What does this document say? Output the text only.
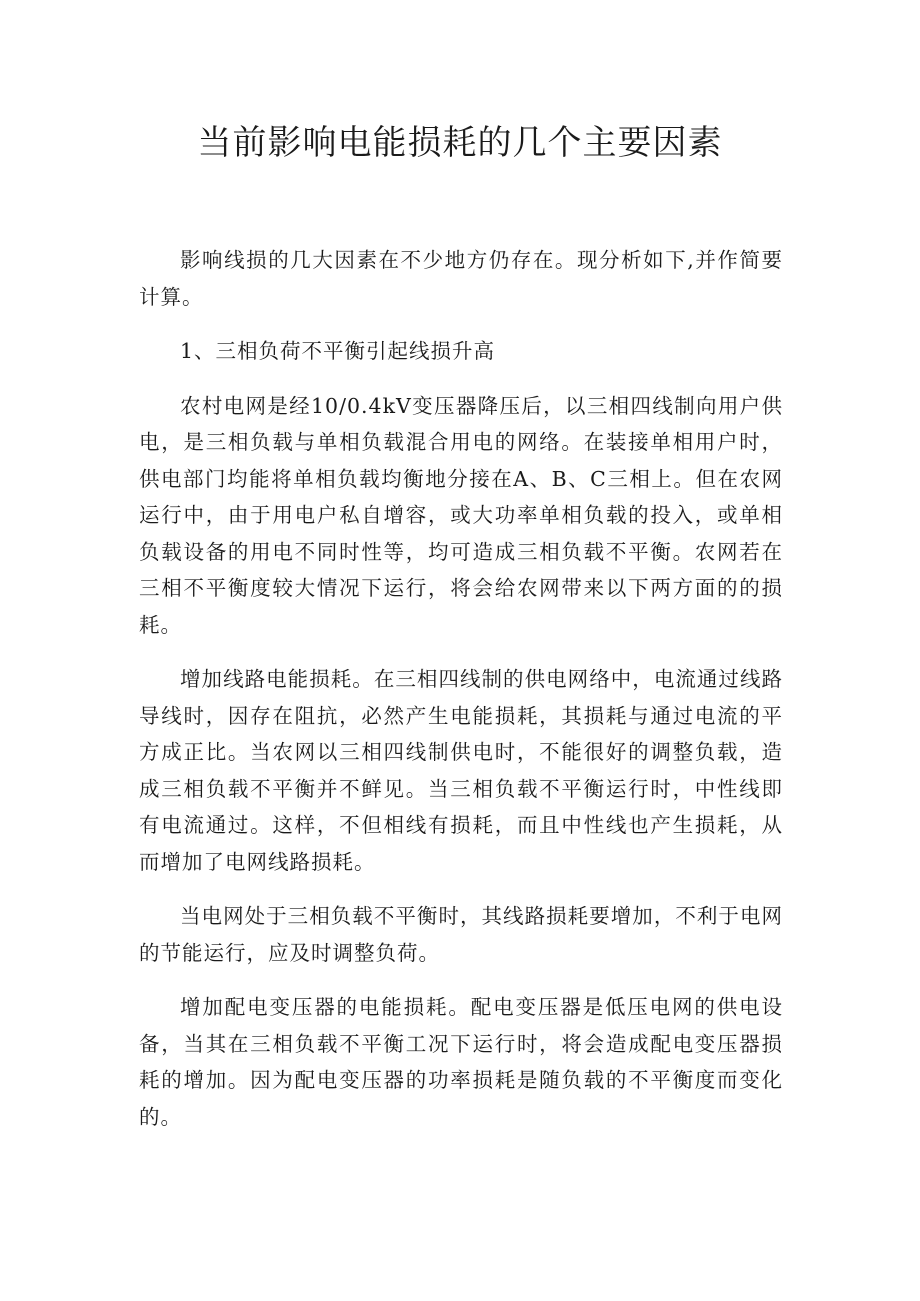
当前影响电能损耗的几个主要因素

影响线损的几大因素在不少地方仍存在。现分析如下,并作简要计算。

1、三相负荷不平衡引起线损升高

农村电网是经10/0.4kV变压器降压后，以三相四线制向用户供电，是三相负载与单相负载混合用电的网络。在装接单相用户时，供电部门均能将单相负载均衡地分接在A、B、C三相上。但在农网运行中，由于用电户私自增容，或大功率单相负载的投入，或单相负载设备的用电不同时性等，均可造成三相负载不平衡。农网若在三相不平衡度较大情况下运行，将会给农网带来以下两方面的的损耗。

增加线路电能损耗。在三相四线制的供电网络中，电流通过线路导线时，因存在阻抗，必然产生电能损耗，其损耗与通过电流的平方成正比。当农网以三相四线制供电时，不能很好的调整负载，造成三相负载不平衡并不鲜见。当三相负载不平衡运行时，中性线即有电流通过。这样，不但相线有损耗，而且中性线也产生损耗，从而增加了电网线路损耗。

当电网处于三相负载不平衡时，其线路损耗要增加，不利于电网的节能运行，应及时调整负荷。

增加配电变压器的电能损耗。配电变压器是低压电网的供电设备，当其在三相负载不平衡工况下运行时，将会造成配电变压器损耗的增加。因为配电变压器的功率损耗是随负载的不平衡度而变化的。
